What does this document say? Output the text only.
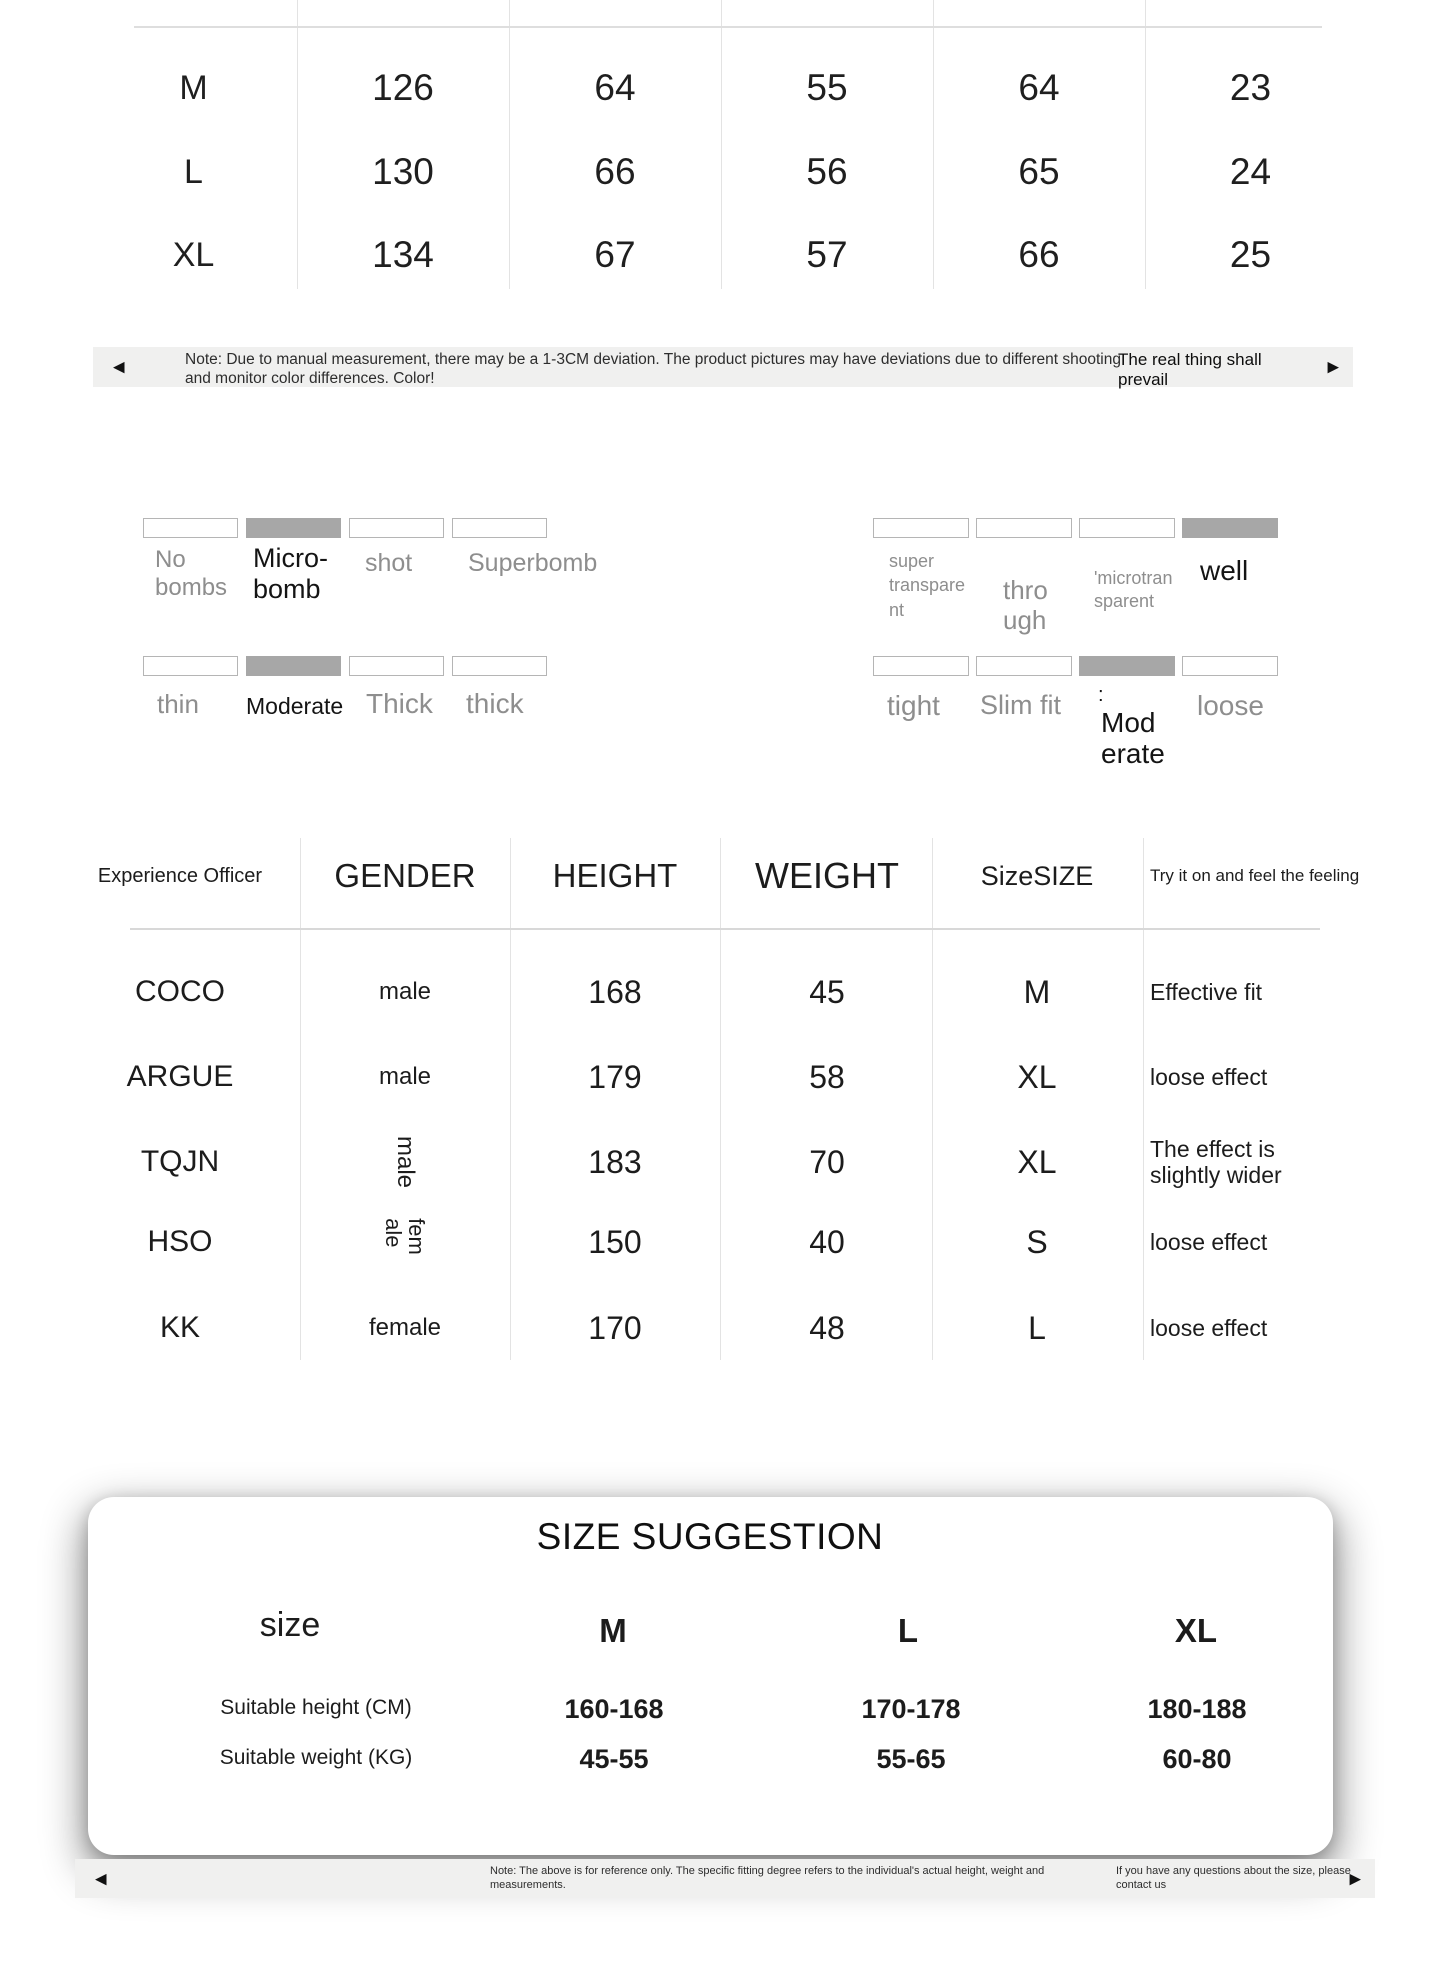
M	126	64	55	64	23
L	130	66	56	65	24
XL	134	67	57	66	25
◀	Note: Due to manual measurement, there may be a 1-3CM deviation. The product pictures may have deviations due to different shooting and monitor color differences. Color!
The real thing shall prevail
▶
No bombs
Micro-bomb
shot Superbomb	super transparent
through
'microtransparent
well
thin Moderate Thick thick	tight Slim fit :
Moderate
loose
Experience Officer	GENDER	HEIGHT	WEIGHT	SizeSIZE	Try it on and feel the feeling
COCO	male	168	45	M	Effective fit
ARGUE	male	179	58	XL	loose effect
TQJN	male	183	70	XL	The effect is slightly wider
HSO	female	150	40	S	loose effect
KK	female	170	48	L	loose effect
SIZE SUGGESTION
size	M	L	XL
Suitable height (CM)	160-168	170-178	180-188
Suitable weight (KG)	45-55	55-65	60-80
◀	Note: The above is for reference only. The specific fitting degree refers to the individual's actual height, weight and measurements.
If you have any questions about the size, please contact us	▶
